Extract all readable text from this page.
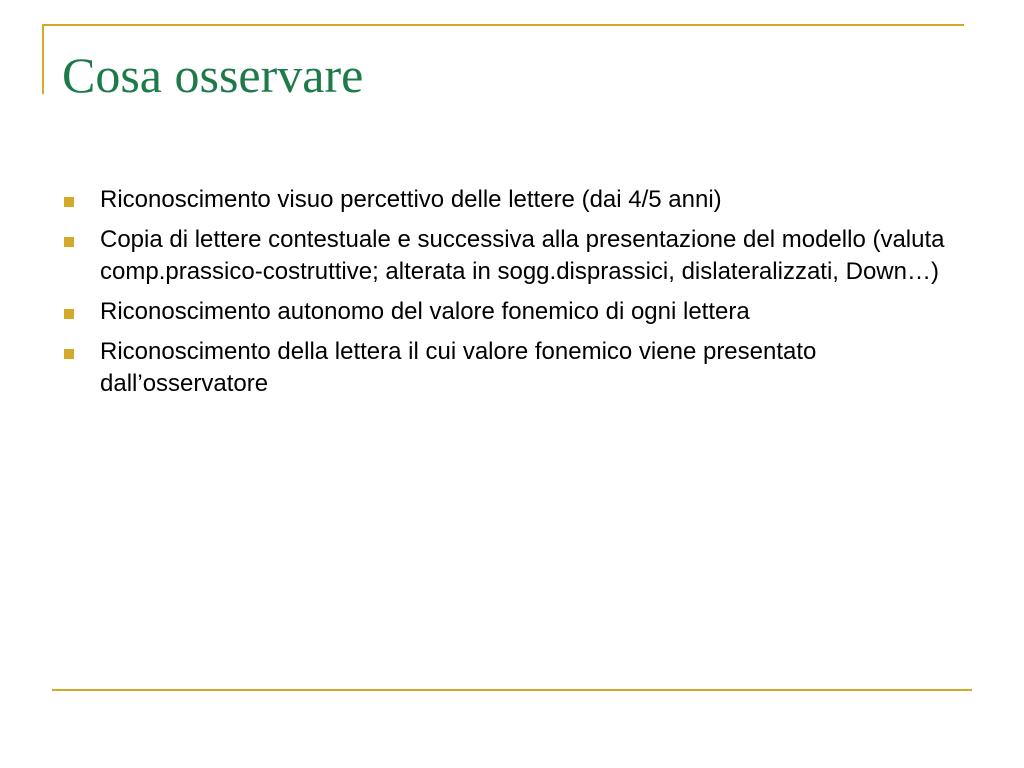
Cosa osservare
Riconoscimento visuo percettivo delle lettere (dai 4/5 anni)
Copia di lettere contestuale e successiva alla presentazione del modello (valuta comp.prassico-costruttive; alterata in sogg.disprassici, dislateralizzati, Down…)
Riconoscimento autonomo del valore fonemico di ogni lettera
Riconoscimento della lettera il cui valore fonemico viene presentato dall’osservatore
